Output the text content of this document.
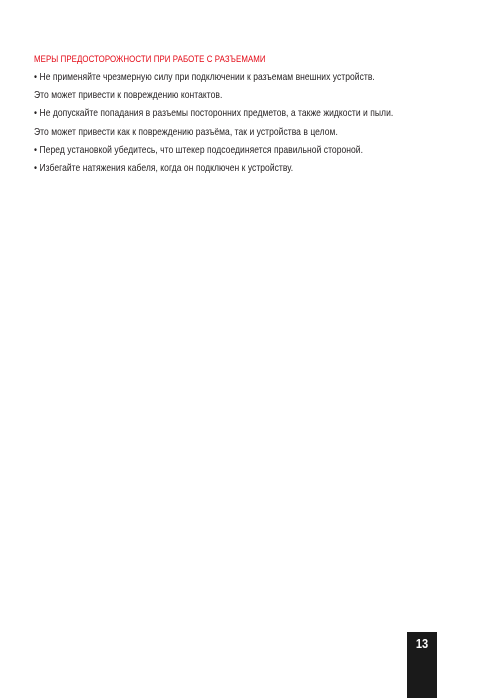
МЕРЫ ПРЕДОСТОРОЖНОСТИ ПРИ РАБОТЕ С РАЗЪЕМАМИ
• Не применяйте чрезмерную силу при подключении к разъемам внешних устройств.
Это может привести к повреждению контактов.
• Не допускайте попадания в разъемы посторонних предметов, а также жидкости и пыли.
Это может привести как к повреждению разъёма, так и устройства в целом.
• Перед установкой убедитесь, что штекер подсоединяется правильной стороной.
• Избегайте натяжения кабеля, когда он подключен к устройству.
13
